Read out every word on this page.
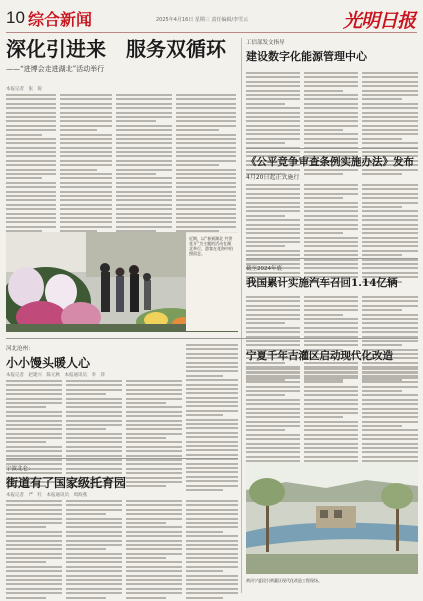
10 综合新闻	2025年4月16日 星期三 责任编辑/李雪云	光明日报
深化引进来　服务双循环
——“进博会走进湖北”活动举行
本报记者　张　锐
近期，以“春到湖北 共赏花开”为主题的活动在湖北举行，游客在花海中拍照留念。
工信部发文指导
建设数字化能源管理中心
《公平竞争审查条例实施办法》发布
4月20日起正式施行
截至2024年底
我国累计实施汽车召回1.14亿辆
河北沧州：
小小馒头暖人心
本报记者　赵建兴　陈元秋　本报通讯员　李　萍
宁夏千年古灌区启动现代化改造
宁波北仑：
街道有了国家级托育园
本报记者　严　红　本报通讯员　周海燕
黄河宁夏段引黄灌区现代化改造工程现场。
